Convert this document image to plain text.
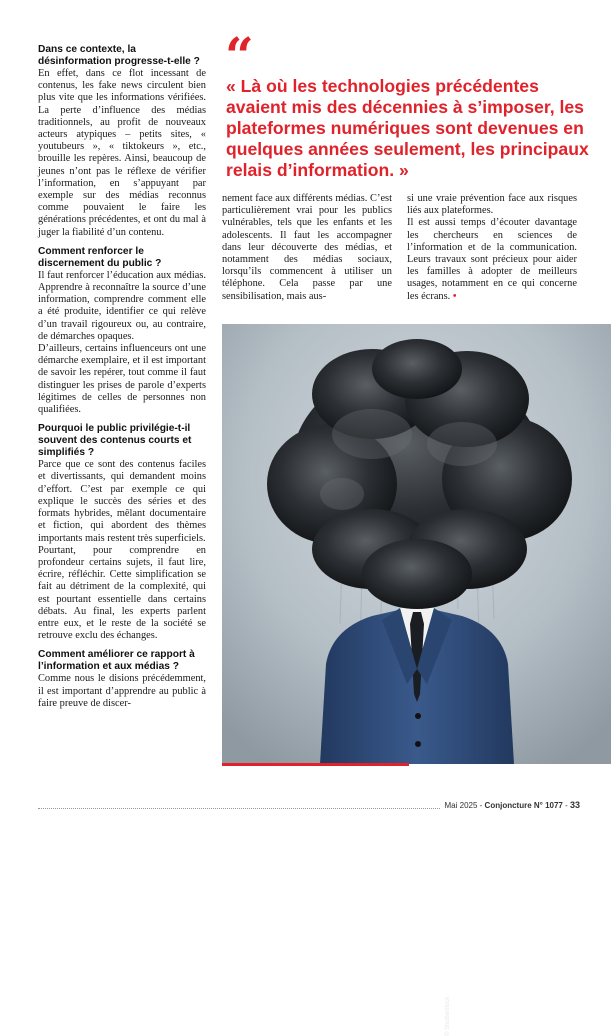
Dans ce contexte, la désinformation progresse-t-elle ?

En effet, dans ce flot incessant de contenus, les fake news circulent bien plus vite que les informations vérifiées. La perte d’influence des médias traditionnels, au profit de nouveaux acteurs atypiques – petits sites, « youtubeurs », « tiktokeurs », etc., brouille les repères. Ainsi, beaucoup de jeunes n’ont pas le réflexe de vérifier l’information, en s’appuyant par exemple sur des médias reconnus comme pouvaient le faire les générations précédentes, et ont du mal à juger la fiabilité d’un contenu.

Comment renforcer le discernement du public ?

Il faut renforcer l’éducation aux médias. Apprendre à reconnaître la source d’une information, comprendre comment elle a été produite, identifier ce qui relève d’un travail rigoureux ou, au contraire, de démarches opaques.

D’ailleurs, certains influenceurs ont une démarche exemplaire, et il est important de savoir les repérer, tout comme il faut distinguer les prises de parole d’experts légitimes de celles de personnes non qualifiées.

Pourquoi le public privilégie-t-il souvent des contenus courts et simplifiés ?

Parce que ce sont des contenus faciles et divertissants, qui demandent moins d’effort. C’est par exemple ce qui explique le succès des séries et des formats hybrides, mêlant documentaire et fiction, qui abordent des thèmes importants mais restent très superficiels.

Pourtant, pour comprendre en profondeur certains sujets, il faut lire, écrire, réfléchir. Cette simplification se fait au détriment de la complexité, qui est pourtant essentielle dans certains débats. Au final, les experts parlent entre eux, et le reste de la société se retrouve exclu des échanges.

Comment améliorer ce rapport à l’information et aux médias ?

Comme nous le disions précédemment, il est important d’apprendre au public à faire preuve de discer-

“

« Là où les technologies précédentes avaient mis des décennies à s’imposer, les plateformes numériques sont devenues en quelques années seulement, les principaux relais d’information. »

nement face aux différents médias. C’est particulièrement vrai pour les publics vulnérables, tels que les enfants et les adolescents. Il faut les accompagner dans leur découverte des médias, et notamment des médias sociaux, lorsqu’ils commencent à utiliser un téléphone. Cela passe par une sensibilisation, mais aus-

si une vraie prévention face aux risques liés aux plateformes.

Il est aussi temps d’écouter davantage les chercheurs en sciences de l’information et de la communication. Leurs travaux sont précieux pour aider les familles à adopter de meilleurs usages, notamment en ce qui concerne les écrans. •

© Shutterstock
Mai 2025 - Conjoncture N° 1077 - 33
